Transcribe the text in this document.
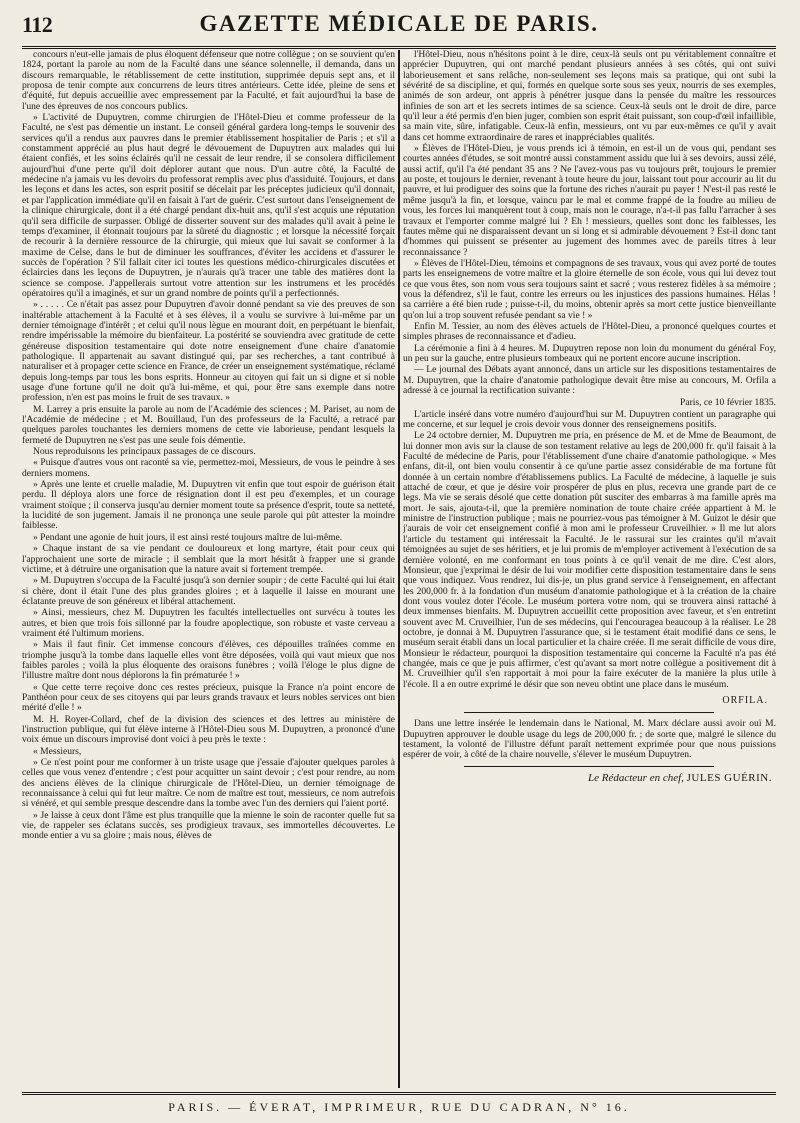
112	GAZETTE MÉDICALE DE PARIS.

concours n'eut-elle jamais de plus éloquent défenseur que notre collègue ; on se souvient qu'en 1824, portant la parole au nom de la Faculté dans une séance solennelle, il demanda, dans un discours remarquable, le rétablissement de cette institution, supprimée depuis sept ans, et il proposa de tenir compte aux concurrens de leurs titres antérieurs. Cette idée, pleine de sens et d'équité, fut depuis accueillie avec empressement par la Faculté, et fait aujourd'hui la base de l'une des épreuves de nos concours publics.

» L'activité de Dupuytren, comme chirurgien de l'Hôtel-Dieu et comme professeur de la Faculté, ne s'est pas démentie un instant. Le conseil général gardera long-temps le souvenir des services qu'il a rendus aux pauvres dans le premier établissement hospitalier de Paris ; et s'il a constamment apprécié au plus haut degré le dévouement de Dupuytren aux malades qui lui étaient confiés, et les soins éclairés qu'il ne cessait de leur rendre, il se consolera difficilement aujourd'hui d'une perte qu'il doit déplorer autant que nous. D'un autre côté, la Faculté de médecine n'a jamais vu les devoirs du professorat remplis avec plus d'assiduité. Toujours, et dans les leçons et dans les actes, son esprit positif se décelait par les préceptes judicieux qu'il donnait, et par l'application immédiate qu'il en faisait à l'art de guérir. C'est surtout dans l'enseignement de la clinique chirurgicale, dont il a été chargé pendant dix-huit ans, qu'il s'est acquis une réputation qu'il sera difficile de surpasser. Obligé de disserter souvent sur des malades qu'il avait à peine le temps d'examiner, il étonnait toujours par la sûreté du diagnostic ; et lorsque la nécessité forçait de recourir à la dernière ressource de la chirurgie, qui mieux que lui savait se conformer à la maxime de Celse, dans le but de diminuer les souffrances, d'éviter les accidens et d'assurer le succès de l'opération ? S'il fallait citer ici toutes les questions médico-chirurgicales discutées et éclaircies dans les leçons de Dupuytren, je n'aurais qu'à tracer une table des matières dont la science se compose. J'appellerais surtout votre attention sur les instrumens et les procédés opératoires qu'il a imaginés, et sur un grand nombre de points qu'il a perfectionnés.

» . . . . . Ce n'était pas assez pour Dupuytren d'avoir donné pendant sa vie des preuves de son inaltérable attachement à la Faculté et à ses élèves, il a voulu se survivre à lui-même par un dernier témoignage d'intérêt ; et celui qu'il nous lègue en mourant doit, en perpétuant le bienfait, rendre impérissable la mémoire du bienfaiteur. La postérité se souviendra avec gratitude de cette généreuse disposition testamentaire qui dote notre enseignement d'une chaire d'anatomie pathologique. Il appartenait au savant distingué qui, par ses recherches, a tant contribué à naturaliser et à propager cette science en France, de créer un enseignement systématique, réclamé depuis long-temps par tous les bons esprits. Honneur au citoyen qui fait un si digne et si noble usage d'une fortune qu'il ne doit qu'à lui-même, et qui, pour être sans exemple dans notre profession, n'en est pas moins le fruit de ses travaux. »

M. Larrey a pris ensuite la parole au nom de l'Académie des sciences ; M. Pariset, au nom de l'Académie de médecine ; et M. Bouillaud, l'un des professeurs de la Faculté, a retracé par quelques paroles touchantes les derniers momens de cette vie laborieuse, pendant lesquels la fermeté de Dupuytren ne s'est pas une seule fois démentie.

Nous reproduisons les principaux passages de ce discours.

« Puisque d'autres vous ont raconté sa vie, permettez-moi, Messieurs, de vous le peindre à ses derniers momens.

» Après une lente et cruelle maladie, M. Dupuytren vit enfin que tout espoir de guérison était perdu. Il déploya alors une force de résignation dont il est peu d'exemples, et un courage vraiment stoïque ; il conserva jusqu'au dernier moment toute sa présence d'esprit, toute sa netteté, la lucidité de son jugement. Jamais il ne prononça une seule parole qui pût attester la moindre faiblesse.

» Pendant une agonie de huit jours, il est ainsi resté toujours maître de lui-même.

» Chaque instant de sa vie pendant ce douloureux et long martyre, était pour ceux qui l'approchaient une sorte de miracle ; il semblait que la mort hésitât à frapper une si grande victime, et à détruire une organisation que la nature avait si fortement trempée.

» M. Dupuytren s'occupa de la Faculté jusqu'à son dernier soupir ; de cette Faculté qui lui était si chère, dont il était l'une des plus grandes gloires ; et à laquelle il laisse en mourant une éclatante preuve de son généreux et libéral attachement.

» Ainsi, messieurs, chez M. Dupuytren les facultés intellectuelles ont survécu à toutes les autres, et bien que trois fois sillonné par la foudre apoplectique, son robuste et vaste cerveau a vraiment été l'ultimum moriens.

» Mais il faut finir. Cet immense concours d'élèves, ces dépouilles traînées comme en triomphe jusqu'à la tombe dans laquelle elles vont être déposées, voilà qui vaut mieux que nos faibles paroles ; voilà la plus éloquente des oraisons funèbres ; voilà l'éloge le plus digne de l'illustre maître dont nous déplorons la fin prématurée ! »

« Que cette terre reçoive donc ces restes précieux, puisque la France n'a point encore de Panthéon pour ceux de ses citoyens qui par leurs grands travaux et leurs nobles services ont bien mérité d'elle ! »

M. H. Royer-Collard, chef de la division des sciences et des lettres au ministère de l'instruction publique, qui fut élève interne à l'Hôtel-Dieu sous M. Dupuytren, a prononcé d'une voix émue un discours improvisé dont voici à peu près le texte :

« Messieurs,

» Ce n'est point pour me conformer à un triste usage que j'essaie d'ajouter quelques paroles à celles que vous venez d'entendre ; c'est pour acquitter un saint devoir ; c'est pour rendre, au nom des anciens élèves de la clinique chirurgicale de l'Hôtel-Dieu, un dernier témoignage de reconnaissance à celui qui fut leur maître. Ce nom de maître est tout, messieurs, ce nom autrefois si vénéré, et qui semble presque descendre dans la tombe avec l'un des derniers qui l'aient porté.

» Je laisse à ceux dont l'âme est plus tranquille que la mienne le soin de raconter quelle fut sa vie, de rappeler ses éclatans succès, ses prodigieux travaux, ses immortelles découvertes. Le monde entier a vu sa gloire ; mais nous, élèves de

l'Hôtel-Dieu, nous n'hésitons point à le dire, ceux-là seuls ont pu véritablement connaître et apprécier Dupuytren, qui ont marché pendant plusieurs années à ses côtés, qui ont suivi laborieusement et sans relâche, non-seulement ses leçons mais sa pratique, qui ont subi la sévérité de sa discipline, et qui, formés en quelque sorte sous ses yeux, nourris de ses exemples, animés de son ardeur, ont appris à pénétrer jusque dans la pensée du maître les ressources infinies de son art et les secrets intimes de sa science. Ceux-là seuls ont le droit de dire, parce qu'il leur a été permis d'en bien juger, combien son esprit était puissant, son coup-d'œil infaillible, sa main vite, sûre, infatigable. Ceux-là enfin, messieurs, ont vu par eux-mêmes ce qu'il y avait dans cet homme extraordinaire de rares et inappréciables qualités.

» Élèves de l'Hôtel-Dieu, je vous prends ici à témoin, en est-il un de vous qui, pendant ses courtes années d'études, se soit montré aussi constamment assidu que lui à ses devoirs, aussi zélé, aussi actif, qu'il l'a été pendant 35 ans ? Ne l'avez-vous pas vu toujours prêt, toujours le premier au poste, et toujours le dernier, revenant à toute heure du jour, laissant tout pour accourir au lit du pauvre, et lui prodiguer des soins que la fortune des riches n'aurait pu payer ! N'est-il pas resté le même jusqu'à la fin, et lorsque, vaincu par le mal et comme frappé de la foudre au milieu de vous, les forces lui manquèrent tout à coup, mais non le courage, n'a-t-il pas fallu l'arracher à ses travaux et l'emporter comme malgré lui ? Eh ! messieurs, quelles sont donc les faiblesses, les fautes même qui ne disparaissent devant un si long et si admirable dévouement ? Est-il donc tant d'hommes qui puissent se présenter au jugement des hommes avec de pareils titres à leur reconnaissance ?

» Élèves de l'Hôtel-Dieu, témoins et compagnons de ses travaux, vous qui avez porté de toutes parts les enseignemens de votre maître et la gloire éternelle de son école, vous qui lui devez tout ce que vous êtes, son nom vous sera toujours saint et sacré ; vous resterez fidèles à sa mémoire ; vous la défendrez, s'il le faut, contre les erreurs ou les injustices des passions humaines. Hélas ! sa carrière a été bien rude ; puisse-t-il, du moins, obtenir après sa mort cette justice bienveillante qu'on lui a trop souvent refusée pendant sa vie ! »

Enfin M. Tessier, au nom des élèves actuels de l'Hôtel-Dieu, a prononcé quelques courtes et simples phrases de reconnaissance et d'adieu.

La cérémonie a fini à 4 heures. M. Dupuytren repose non loin du monument du général Foy, un peu sur la gauche, entre plusieurs tombeaux qui ne portent encore aucune inscription.

— Le journal des Débats ayant annoncé, dans un article sur les dispositions testamentaires de M. Dupuytren, que la chaire d'anatomie pathologique devait être mise au concours, M. Orfila a adressé à ce journal la rectification suivante :

Paris, ce 10 février 1835.

L'article inséré dans votre numéro d'aujourd'hui sur M. Dupuytren contient un paragraphe qui me concerne, et sur lequel je crois devoir vous donner des renseignemens positifs.

Le 24 octobre dernier, M. Dupuytren me pria, en présence de M. et de Mme de Beaumont, de lui donner mon avis sur la clause de son testament relative au legs de 200,000 fr. qu'il faisait à la Faculté de médecine de Paris, pour l'établissement d'une chaire d'anatomie pathologique. « Mes enfans, dit-il, ont bien voulu consentir à ce qu'une partie assez considérable de ma fortune fût donnée à un certain nombre d'établissemens publics. La Faculté de médecine, à laquelle je suis attaché de cœur, et que je désire voir prospérer de plus en plus, recevra une grande part de ce legs. Ma vie se serais désolé que cette donation pût susciter des embarras à ma famille après ma mort. Je sais, ajouta-t-il, que la première nomination de toute chaire créée appartient à M. le ministre de l'instruction publique ; mais ne pourriez-vous pas témoigner à M. Guizot le désir que j'aurais de voir cet enseignement confié à mon ami le professeur Cruveilhier. » Il me lut alors l'article du testament qui intéressait la Faculté. Je le rassurai sur les craintes qu'il m'avait témoignées au sujet de ses héritiers, et je lui promis de m'employer activement à l'exécution de sa dernière volonté, en me conformant en tous points à ce qu'il venait de me dire. C'est alors, Monsieur, que j'exprimai le désir de lui voir modifier cette disposition testamentaire dans le sens que vous indiquez. Vous rendrez, lui dis-je, un plus grand service à l'enseignement, en affectant les 200,000 fr. à la fondation d'un muséum d'anatomie pathologique et à la création de la chaire dont vous voulez doter l'école. Le muséum portera votre nom, qui se trouvera ainsi rattaché à deux immenses bienfaits. M. Dupuytren accueillit cette proposition avec faveur, et s'en entretint souvent avec M. Cruveilhier, l'un de ses médecins, qui l'encouragea beaucoup à la réaliser. Le 28 octobre, je donnai à M. Dupuytren l'assurance que, si le testament était modifié dans ce sens, le muséum serait établi dans un local particulier et la chaire créée. Il me serait difficile de vous dire, Monsieur le rédacteur, pourquoi la disposition testamentaire qui concerne la Faculté n'a pas été changée, mais ce que je puis affirmer, c'est qu'avant sa mort notre collègue a positivement dit à M. Cruveilhier qu'il s'en rapportait à moi pour la faire exécuter de la manière la plus utile à l'école. Il a en outre exprimé le désir que son neveu obtint une place dans le muséum.

ORFILA.

Dans une lettre insérée le lendemain dans le National, M. Marx déclare aussi avoir ouï M. Dupuytren approuver le double usage du legs de 200,000 fr. ; de sorte que, malgré le silence du testament, la volonté de l'illustre défunt paraît nettement exprimée pour que nous puissions espérer de voir, à côté de la chaire nouvelle, s'élever le muséum Dupuytren.

Le Rédacteur en chef, JULES GUÉRIN.

PARIS. — ÉVERAT, IMPRIMEUR, RUE DU CADRAN, N° 16.
